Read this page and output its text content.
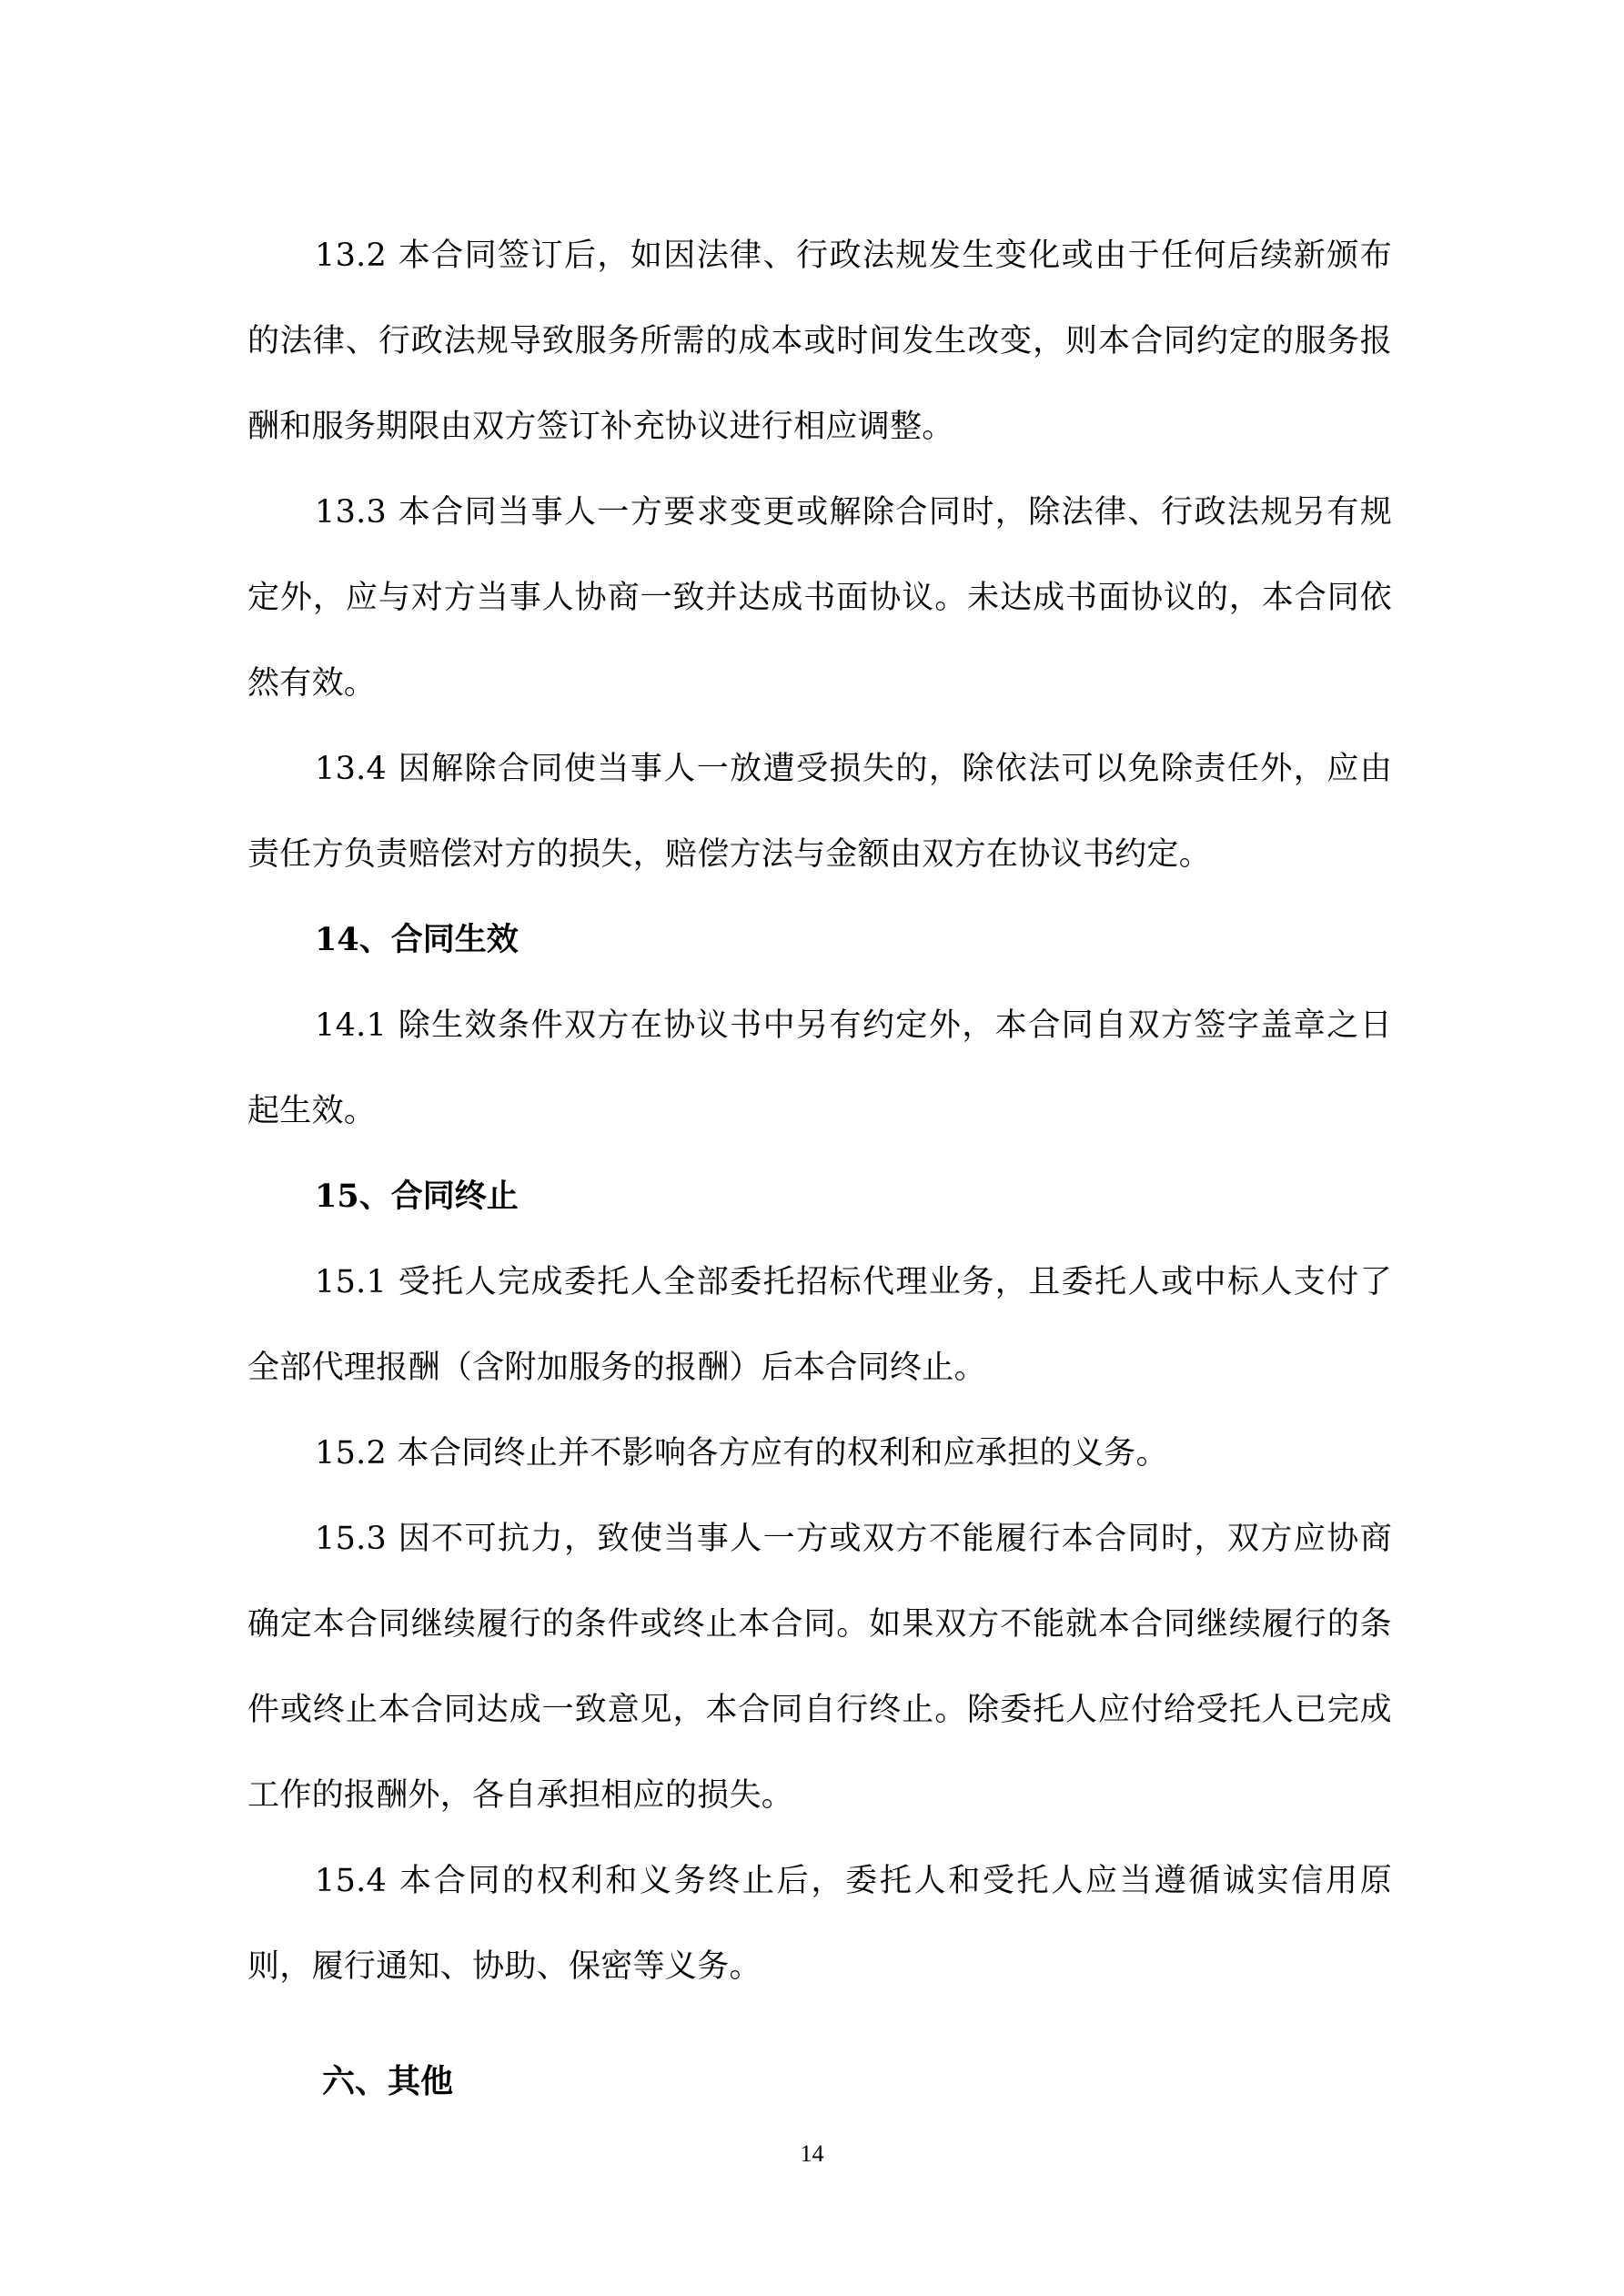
13.2 本合同签订后，如因法律、行政法规发生变化或由于任何后续新颁布的法律、行政法规导致服务所需的成本或时间发生改变，则本合同约定的服务报酬和服务期限由双方签订补充协议进行相应调整。

13.3 本合同当事人一方要求变更或解除合同时，除法律、行政法规另有规定外，应与对方当事人协商一致并达成书面协议。未达成书面协议的，本合同依然有效。

13.4 因解除合同使当事人一放遭受损失的，除依法可以免除责任外，应由责任方负责赔偿对方的损失，赔偿方法与金额由双方在协议书约定。

14、合同生效

14.1 除生效条件双方在协议书中另有约定外，本合同自双方签字盖章之日起生效。

15、合同终止

15.1 受托人完成委托人全部委托招标代理业务，且委托人或中标人支付了全部代理报酬（含附加服务的报酬）后本合同终止。

15.2 本合同终止并不影响各方应有的权利和应承担的义务。

15.3 因不可抗力，致使当事人一方或双方不能履行本合同时，双方应协商确定本合同继续履行的条件或终止本合同。如果双方不能就本合同继续履行的条件或终止本合同达成一致意见，本合同自行终止。除委托人应付给受托人已完成工作的报酬外，各自承担相应的损失。

15.4 本合同的权利和义务终止后，委托人和受托人应当遵循诚实信用原则，履行通知、协助、保密等义务。

六、其他

14
